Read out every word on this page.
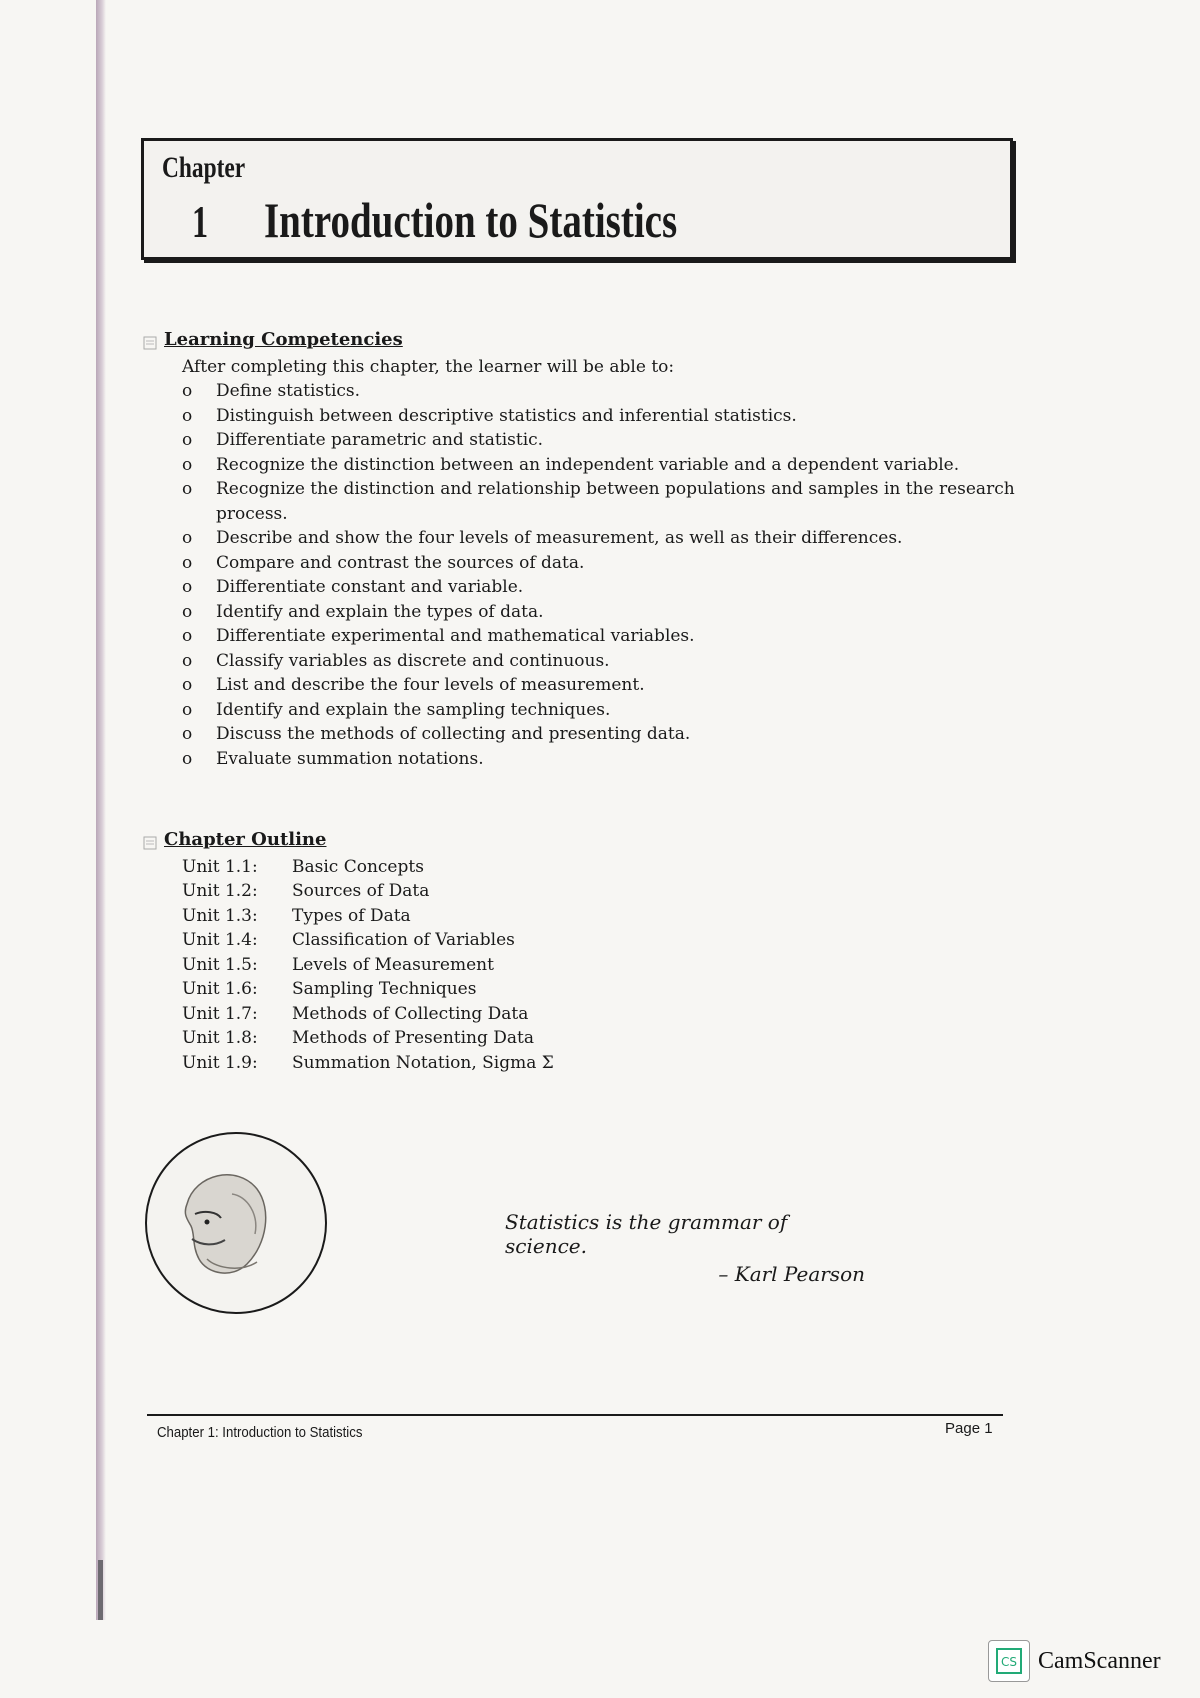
Chapter
1 Introduction to Statistics
Learning Competencies
After completing this chapter, the learner will be able to:
o	Define statistics.
o	Distinguish between descriptive statistics and inferential statistics.
o	Differentiate parametric and statistic.
o	Recognize the distinction between an independent variable and a dependent variable.
o	Recognize the distinction and relationship between populations and samples in the research process.
o	Describe and show the four levels of measurement, as well as their differences.
o	Compare and contrast the sources of data.
o	Differentiate constant and variable.
o	Identify and explain the types of data.
o	Differentiate experimental and mathematical variables.
o	Classify variables as discrete and continuous.
o	List and describe the four levels of measurement.
o	Identify and explain the sampling techniques.
o	Discuss the methods of collecting and presenting data.
o	Evaluate summation notations.
Chapter Outline
Unit 1.1:	Basic Concepts
Unit 1.2:	Sources of Data
Unit 1.3:	Types of Data
Unit 1.4:	Classification of Variables
Unit 1.5:	Levels of Measurement
Unit 1.6:	Sampling Techniques
Unit 1.7:	Methods of Collecting Data
Unit 1.8:	Methods of Presenting Data
Unit 1.9:	Summation Notation, Sigma Σ
Statistics is the grammar of science.
– Karl Pearson
Chapter 1: Introduction to Statistics	Page 1
CS CamScanner
